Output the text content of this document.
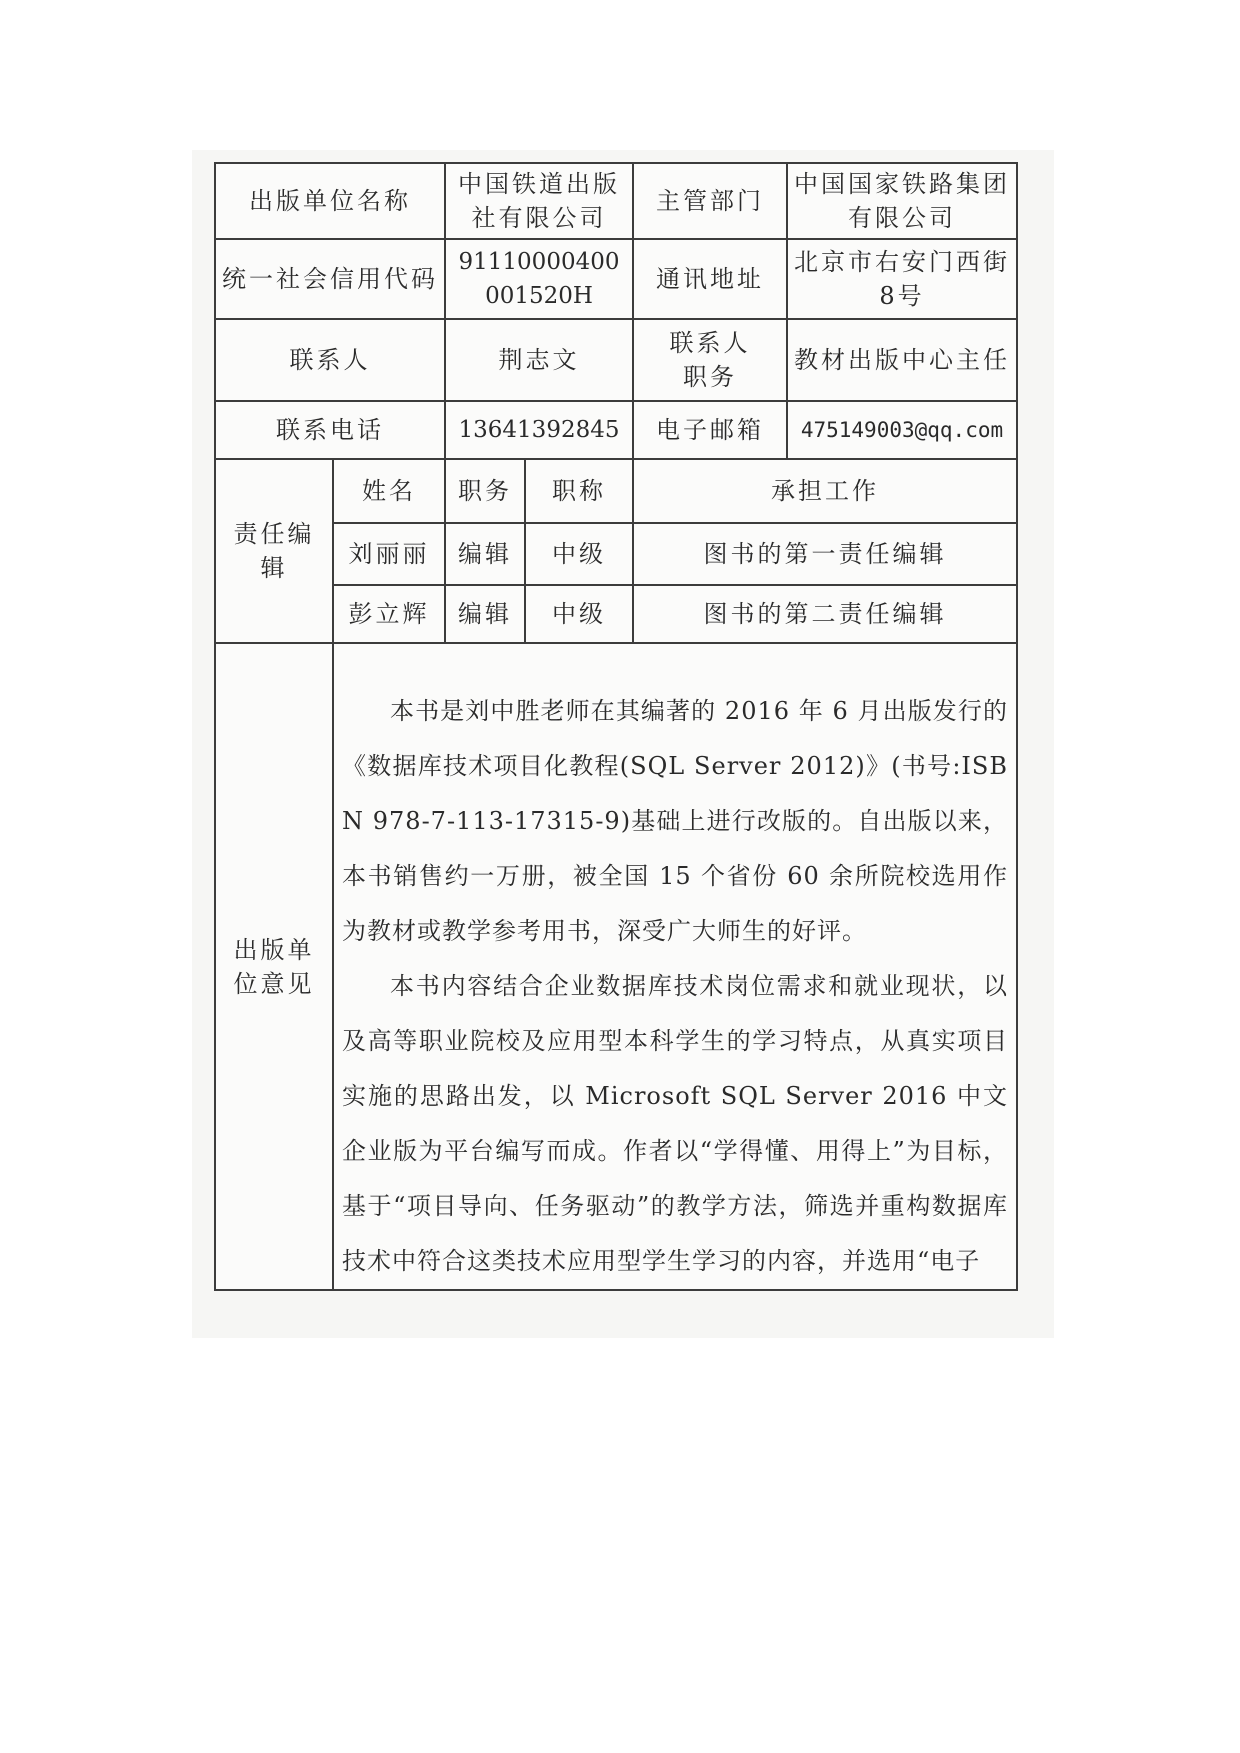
出版单位名称		中国铁道出版社有限公司		主管部门	中国国家铁路集团有限公司
统一社会信用代码		91110000400001520H		通讯地址	北京市右安门西街8号
联系人		荆志文		联系人职务	教材出版中心主任
联系电话		13641392845		电子邮箱	475149003@qq.com
责任编辑	姓名	职务	职称	承担工作	
	刘丽丽	编辑	中级	图书的第一责任编辑	
	彭立辉	编辑	中级	图书的第二责任编辑	
出版单位意见	本书是刘中胜老师在其编著的 2016 年 6 月出版发行的《数据库技术项目化教程(SQL Server 2012)》(书号:ISBN 978-7-113-17315-9)基础上进行改版的。自出版以来，本书销售约一万册，被全国 15 个省份 60 余所院校选用作为教材或教学参考用书，深受广大师生的好评。

本书内容结合企业数据库技术岗位需求和就业现状，以及高等职业院校及应用型本科学生的学习特点，从真实项目实施的思路出发，以 Microsoft SQL Server 2016 中文企业版为平台编写而成。作者以“学得懂、用得上”为目标，基于“项目导向、任务驱动”的教学方法，筛选并重构数据库技术中符合这类技术应用型学生学习的内容，并选用“电子				
